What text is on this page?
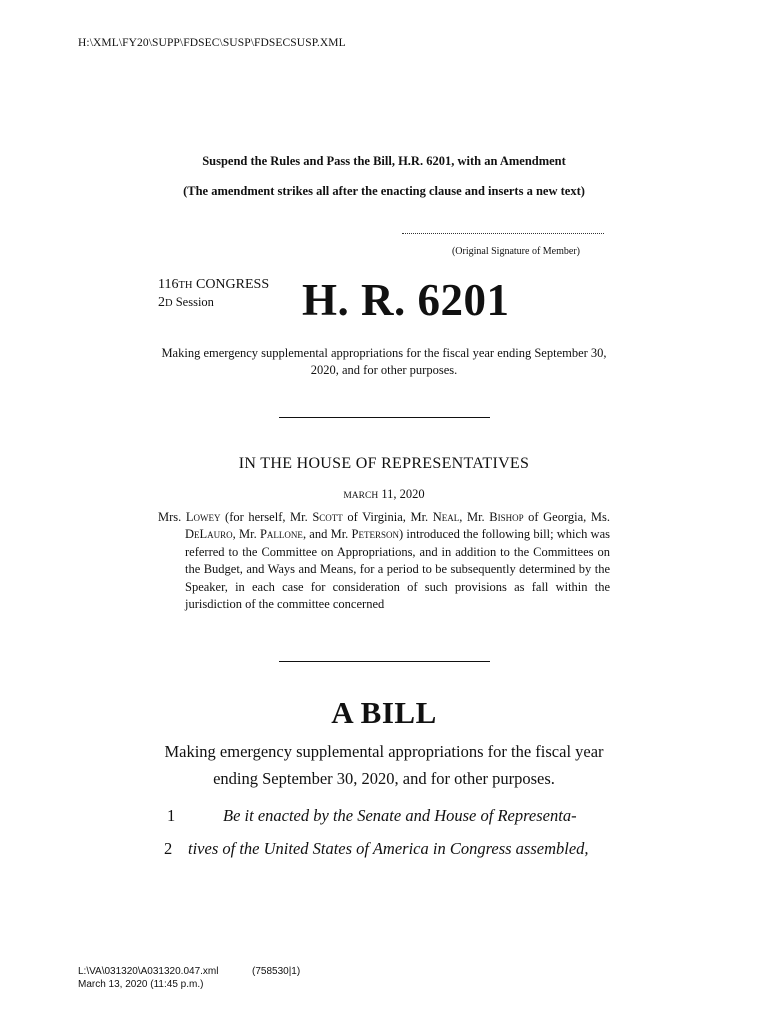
H:\XML\FY20\SUPP\FDSEC\SUSP\FDSECSUSP.XML
Suspend the Rules and Pass the Bill, H.R. 6201, with an Amendment
(The amendment strikes all after the enacting clause and inserts a new text)
(Original Signature of Member)
116TH CONGRESS
2D Session	H. R. 6201
Making emergency supplemental appropriations for the fiscal year ending September 30, 2020, and for other purposes.
IN THE HOUSE OF REPRESENTATIVES
MARCH 11, 2020
Mrs. Lowey (for herself, Mr. Scott of Virginia, Mr. Neal, Mr. Bishop of Georgia, Ms. DeLauro, Mr. Pallone, and Mr. Peterson) introduced the following bill; which was referred to the Committee on Appropriations, and in addition to the Committees on the Budget, and Ways and Means, for a period to be subsequently determined by the Speaker, in each case for consideration of such provisions as fall within the jurisdiction of the committee concerned
A BILL
Making emergency supplemental appropriations for the fiscal year ending September 30, 2020, and for other purposes.
1	Be it enacted by the Senate and House of Representa-
2 tives of the United States of America in Congress assembled,
L:\VA\031320\A031320.047.xml
March 13, 2020 (11:45 p.m.)
(758530|1)
